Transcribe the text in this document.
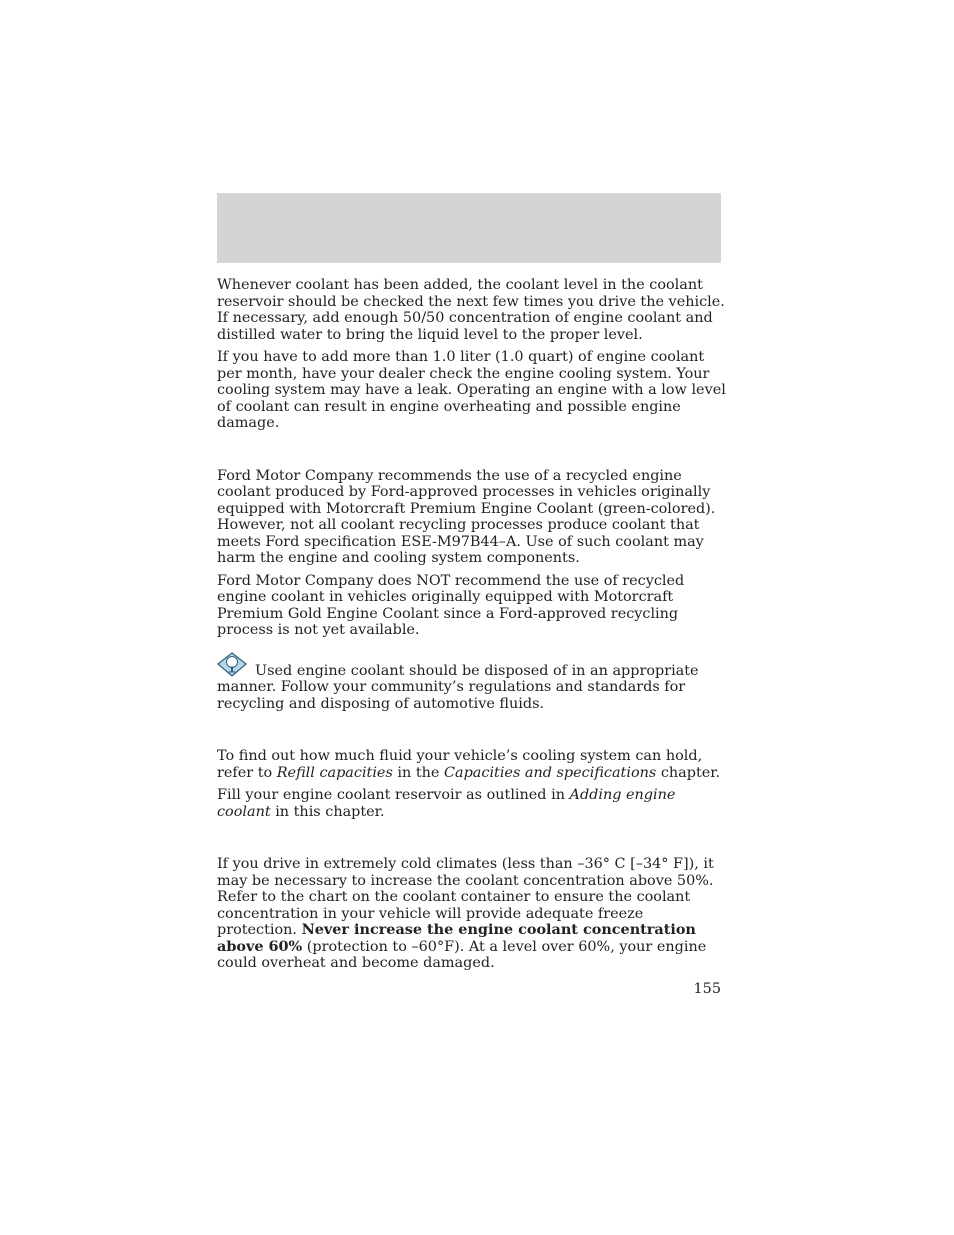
Whenever coolant has been added, the coolant level in the coolant reservoir should be checked the next few times you drive the vehicle. If necessary, add enough 50/50 concentration of engine coolant and distilled water to bring the liquid level to the proper level.

If you have to add more than 1.0 liter (1.0 quart) of engine coolant per month, have your dealer check the engine cooling system. Your cooling system may have a leak. Operating an engine with a low level of coolant can result in engine overheating and possible engine damage.

Ford Motor Company recommends the use of a recycled engine coolant produced by Ford-approved processes in vehicles originally equipped with Motorcraft Premium Engine Coolant (green-colored). However, not all coolant recycling processes produce coolant that meets Ford specification ESE-M97B44–A. Use of such coolant may harm the engine and cooling system components.

Ford Motor Company does NOT recommend the use of recycled engine coolant in vehicles originally equipped with Motorcraft Premium Gold Engine Coolant since a Ford-approved recycling process is not yet available.

Used engine coolant should be disposed of in an appropriate manner. Follow your community’s regulations and standards for recycling and disposing of automotive fluids.

To find out how much fluid your vehicle’s cooling system can hold, refer to Refill capacities in the Capacities and specifications chapter.

Fill your engine coolant reservoir as outlined in Adding engine coolant in this chapter.

If you drive in extremely cold climates (less than –36° C [–34° F]), it may be necessary to increase the coolant concentration above 50%. Refer to the chart on the coolant container to ensure the coolant concentration in your vehicle will provide adequate freeze protection. Never increase the engine coolant concentration above 60% (protection to –60°F). At a level over 60%, your engine could overheat and become damaged.

155
